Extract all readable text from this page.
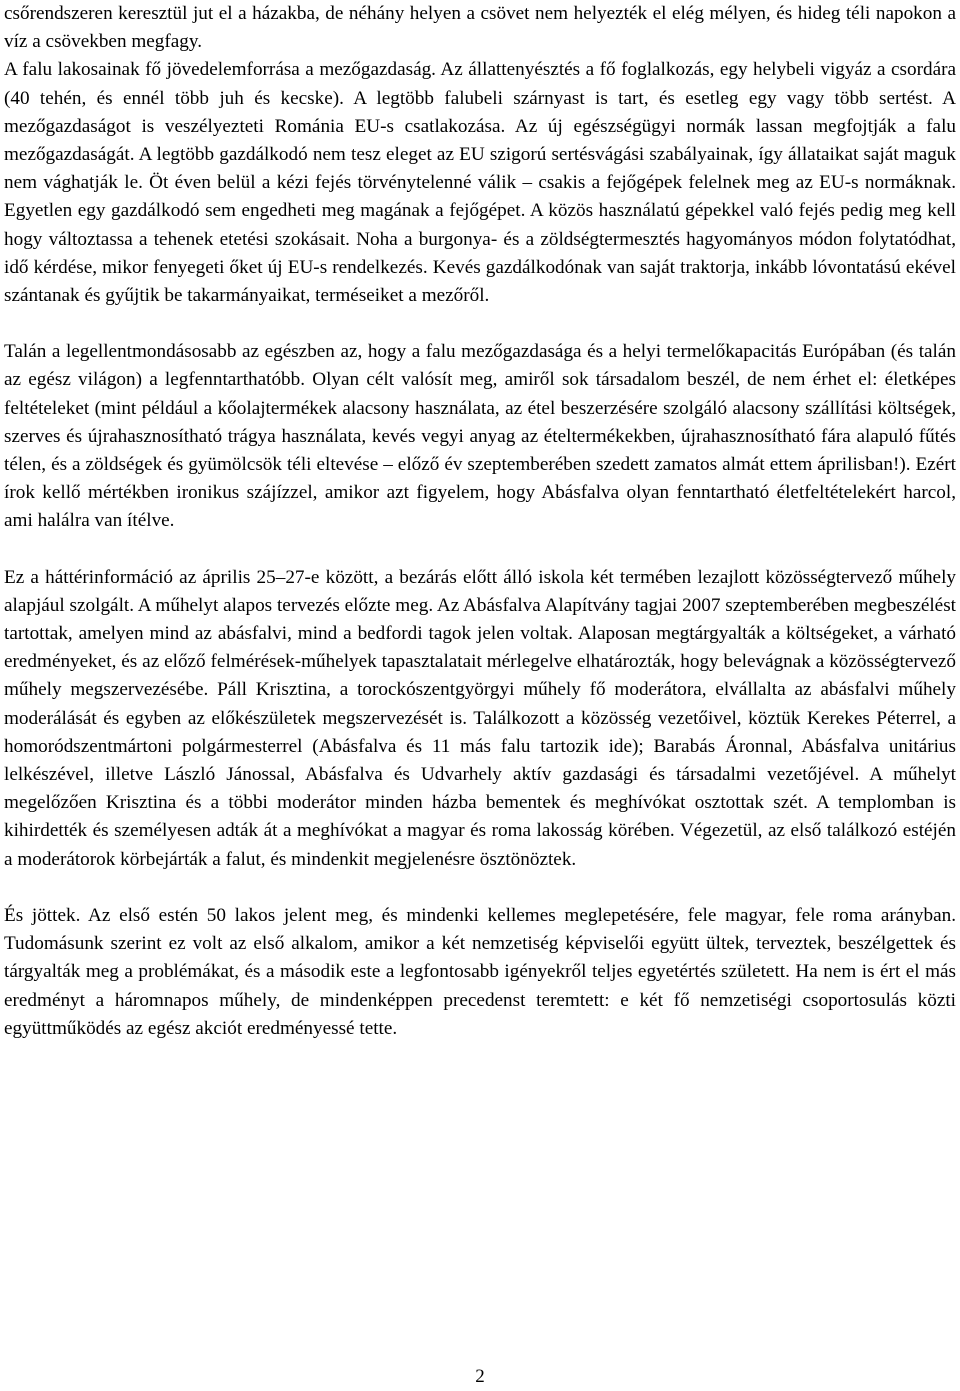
csőrendszeren keresztül jut el a házakba, de néhány helyen a csövet nem helyezték el elég mélyen, és hideg téli napokon a víz a csövekben megfagy.

A falu lakosainak fő jövedelemforrása a mezőgazdaság. Az állattenyésztés a fő foglalkozás, egy helybeli vigyáz a csordára (40 tehén, és ennél több juh és kecske). A legtöbb falubeli szárnyast is tart, és esetleg egy vagy több sertést. A mezőgazdaságot is veszélyezteti Románia EU-s csatlakozása. Az új egészségügyi normák lassan megfojtják a falu mezőgazdaságát. A legtöbb gazdálkodó nem tesz eleget az EU szigorú sertésvágási szabályainak, így állataikat saját maguk nem vághatják le. Öt éven belül a kézi fejés törvénytelenné válik – csakis a fejőgépek felelnek meg az EU-s normáknak. Egyetlen egy gazdálkodó sem engedheti meg magának a fejőgépet. A közös használatú gépekkel való fejés pedig meg kell hogy változtassa a tehenek etetési szokásait. Noha a burgonya- és a zöldségtermesztés hagyományos módon folytatódhat, idő kérdése, mikor fenyegeti őket új EU-s rendelkezés. Kevés gazdálkodónak van saját traktorja, inkább lóvontatású ekével szántanak és gyűjtik be takarmányaikat, terméseiket a mezőről.

Talán a legellentmondásosabb az egészben az, hogy a falu mezőgazdasága és a helyi termelőkapacitás Európában (és talán az egész világon) a legfenntarthatóbb. Olyan célt valósít meg, amiről sok társadalom beszél, de nem érhet el: életképes feltételeket (mint például a kőolajtermékek alacsony használata, az étel beszerzésére szolgáló alacsony szállítási költségek, szerves és újrahasznosítható trágya használata, kevés vegyi anyag az ételtermékekben, újrahasznosítható fára alapuló fűtés télen, és a zöldségek és gyümölcsök téli eltevése – előző év szeptemberében szedett zamatos almát ettem áprilisban!). Ezért írok kellő mértékben ironikus szájízzel, amikor azt figyelem, hogy Abásfalva olyan fenntartható életfeltételekért harcol, ami halálra van ítélve.

Ez a háttérinformáció az április 25–27-e között, a bezárás előtt álló iskola két termében lezajlott közösségtervező műhely alapjául szolgált. A műhelyt alapos tervezés előzte meg. Az Abásfalva Alapítvány tagjai 2007 szeptemberében megbeszélést tartottak, amelyen mind az abásfalvi, mind a bedfordi tagok jelen voltak. Alaposan megtárgyalták a költségeket, a várható eredményeket, és az előző felmérések-műhelyek tapasztalatait mérlegelve elhatározták, hogy belevágnak a közösségtervező műhely megszervezésébe. Páll Krisztina, a torockószentgyörgyi műhely fő moderátora, elvállalta az abásfalvi műhely moderálását és egyben az előkészületek megszervezését is. Találkozott a közösség vezetőivel, köztük Kerekes Péterrel, a homoródszentmártoni polgármesterrel (Abásfalva és 11 más falu tartozik ide); Barabás Áronnal, Abásfalva unitárius lelkészével, illetve László Jánossal, Abásfalva és Udvarhely aktív gazdasági és társadalmi vezetőjével. A műhelyt megelőzően Krisztina és a többi moderátor minden házba bementek és meghívókat osztottak szét. A templomban is kihirdették és személyesen adták át a meghívókat a magyar és roma lakosság körében. Végezetül, az első találkozó estéjén a moderátorok körbejárták a falut, és mindenkit megjelenésre ösztönöztek.

És jöttek. Az első estén 50 lakos jelent meg, és mindenki kellemes meglepetésére, fele magyar, fele roma arányban. Tudomásunk szerint ez volt az első alkalom, amikor a két nemzetiség képviselői együtt ültek, terveztek, beszélgettek és tárgyalták meg a problémákat, és a második este a legfontosabb igényekről teljes egyetértés született. Ha nem is ért el más eredményt a háromnapos műhely, de mindenképpen precedenst teremtett: e két fő nemzetiségi csoportosulás közti együttműködés az egész akciót eredményessé tette.

2
